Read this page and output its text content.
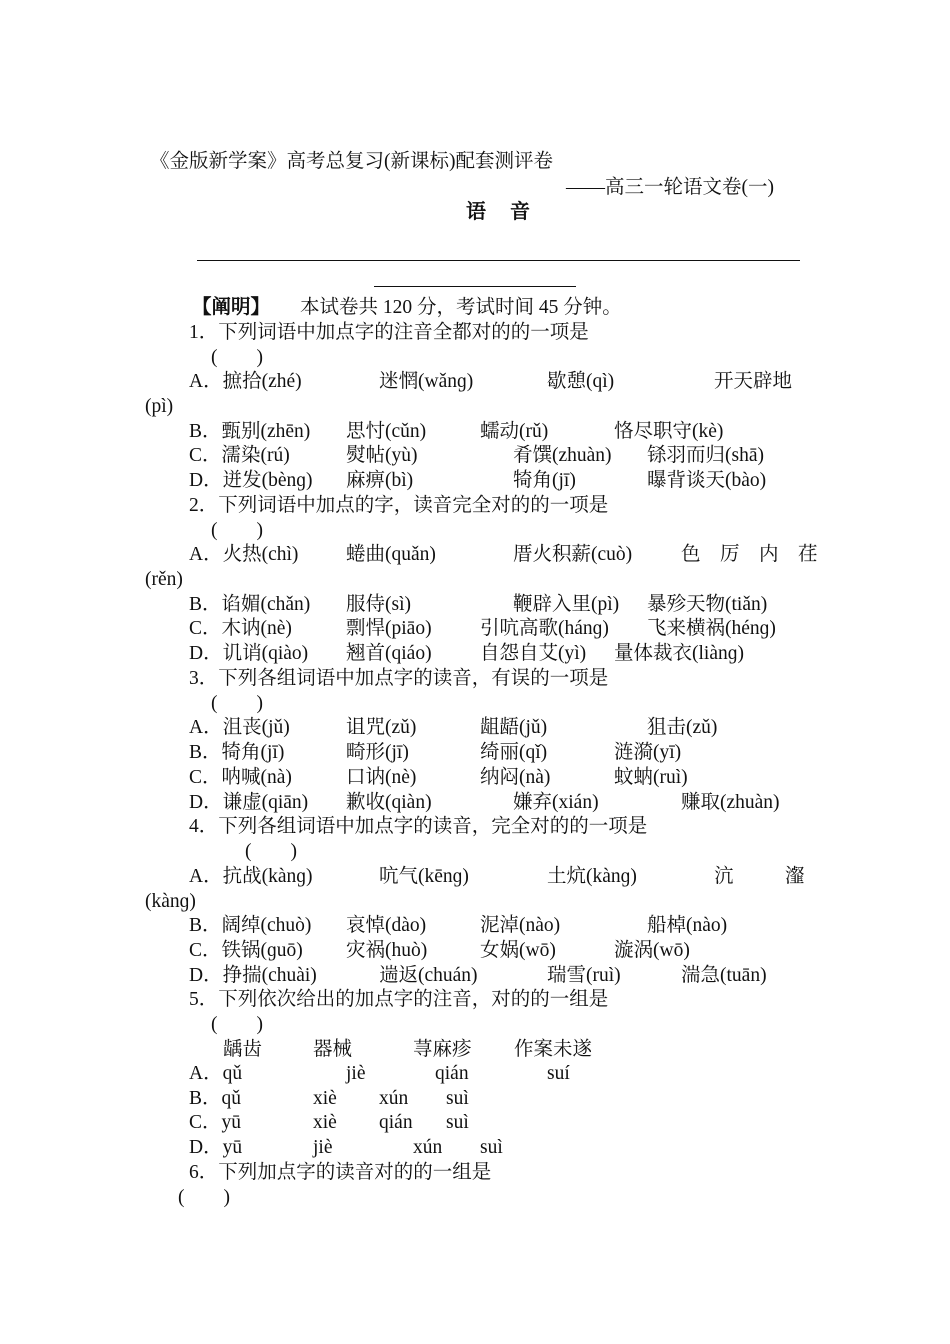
《金版新学案》高考总复习(新课标)配套测评卷
——高三一轮语文卷(一)
语　音
【阐明】 本试卷共 120 分，考试时间 45 分钟。
1．下列词语中加点字的注音全都对的的一项是
(　　)
A．摭拾(zhé)	迷惘(wǎnɡ)	歇憩(qì)	开天辟地
(pì)
B．甄别(zhēn) 思忖(cǔn)	蠕动(rǔ)	恪尽职守(kè)
C．濡染(rú)	熨帖(yù)	肴馔(zhuàn) 铩羽而归(shā)
D．迸发(bènɡ) 麻痹(bì)	犄角(jī)	曝背谈天(bào)
2．下列词语中加点的字，读音完全对的的一项是
(　　)
A．火热(chì) 蜷曲(quǎn)	厝火积薪(cuò)	色　厉　内　荏
(rěn)
B．谄媚(chǎn) 服侍(sì)	鞭辟入里(pì) 暴殄天物(tiǎn)
C．木讷(nè)	剽悍(piāo) 引吭高歌(hánɡ) 飞来横祸(hénɡ)
D．讥诮(qiào) 翘首(qiáo) 自怨自艾(yì) 量体裁衣(liànɡ)
3．下列各组词语中加点字的读音，有误的一项是
(　　)
A．沮丧(jǔ)	诅咒(zǔ)	龃龉(jǔ)	狙击(zǔ)
B．犄角(jī)	畸形(jī)	绮丽(qǐ)	涟漪(yī)
C．呐喊(nà)	口讷(nè)	纳闷(nà)	蚊蚋(ruì)
D．谦虚(qiān) 歉收(qiàn)	嫌弃(xián)	赚取(zhuàn)
4．下列各组词语中加点字的读音，完全对的的一项是
(　　)
A．抗战(kànɡ)	吭气(kēnɡ)	土炕(kànɡ)	沆	瀣
(kànɡ)
B．阔绰(chuò) 哀悼(dào)	泥淖(nào)	船棹(nào)
C．铁锅(ɡuō) 灾祸(huò)	女娲(wō)	漩涡(wō)
D．挣揣(chuài)	遄返(chuán)	瑞雪(ruì)	湍急(tuān)
5．下列依次给出的加点字的注音，对的的一组是
(　　)
龋齿	器械	荨麻疹 作案未遂
A．qǔ	jiè	qián	suí
B．qǔ	xiè xún suì
C．yū	xiè qián suì
D．yū	jiè	xún suì
6．下列加点字的读音对的的一组是
(　　)
